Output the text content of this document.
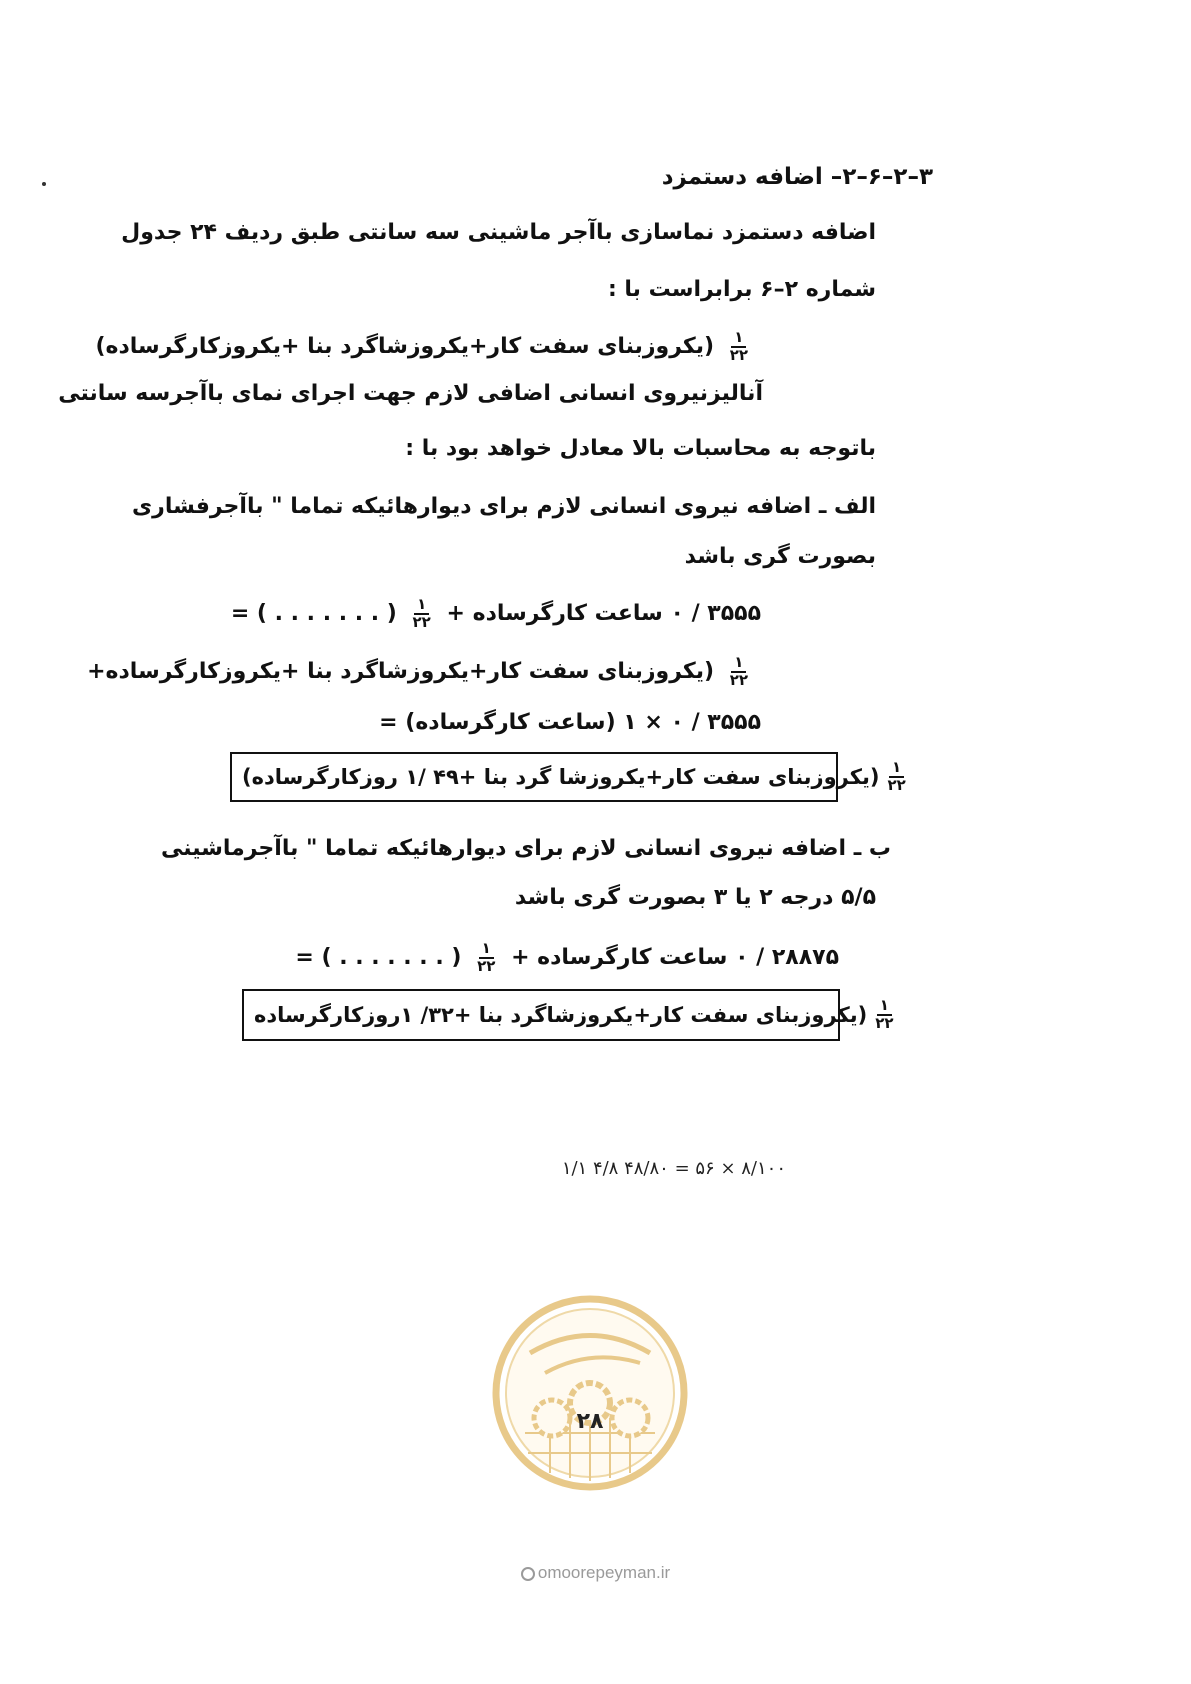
۳–۲–۶–۲– اضافه دستمزد
اضافه دستمزد نماسازی باآجر ماشینی سه سانتی طبق ردیف ۲۴ جدول
شماره ۲–۶ برابراست با :
$\frac{۱}{۲۲}$
(یکروزبنای سفت کار+یکروزشاگرد بنا +یکروزکارگرساده)
آنالیزنیروی انسانی اضافی لازم جهت اجرای نمای باآجرسه سانتی
باتوجه به محاسبات بالا معادل خواهد بود با :
الف ـ اضافه نیروی انسانی لازم برای دیوارهائیکه تماما " باآجرفشاری
بصورت گری باشد
۳۵۵۵ / ۰ ساعت کارگرساده +
$\frac{۱}{۲۲}$
( . . . . . . . ) =
$\frac{۱}{۲۲}$
(یکروزبنای سفت کار+یکروزشاگرد بنا +یکروزکارگرساده+
۳۵۵۵ / ۰ × ۱ (ساعت کارگرساده) =
$\frac{۱}{۲۲}$
(یکروزبنای سفت کار+یکروزشا گرد بنا +۴۹ /۱ روزکارگرساده)
ب ـ اضافه نیروی انسانی لازم برای دیوارهائیکه تماما " باآجرماشینی
۵/۵ درجه ۲ یا ۳ بصورت گری باشد
۲۸۸۷۵ / ۰ ساعت کارگرساده +
$\frac{۱}{۲۲}$
( . . . . . . . ) =
$\frac{۱}{۲۲}$
(یکروزبنای سفت کار+یکروزشاگرد بنا +۳۲/ ۱روزکارگرساده
۸/۱۰۰ × ۵۶ = ۴۸/۸۰ ۴/۸ ۱/۱
۲۸
omoorepeyman.ir
